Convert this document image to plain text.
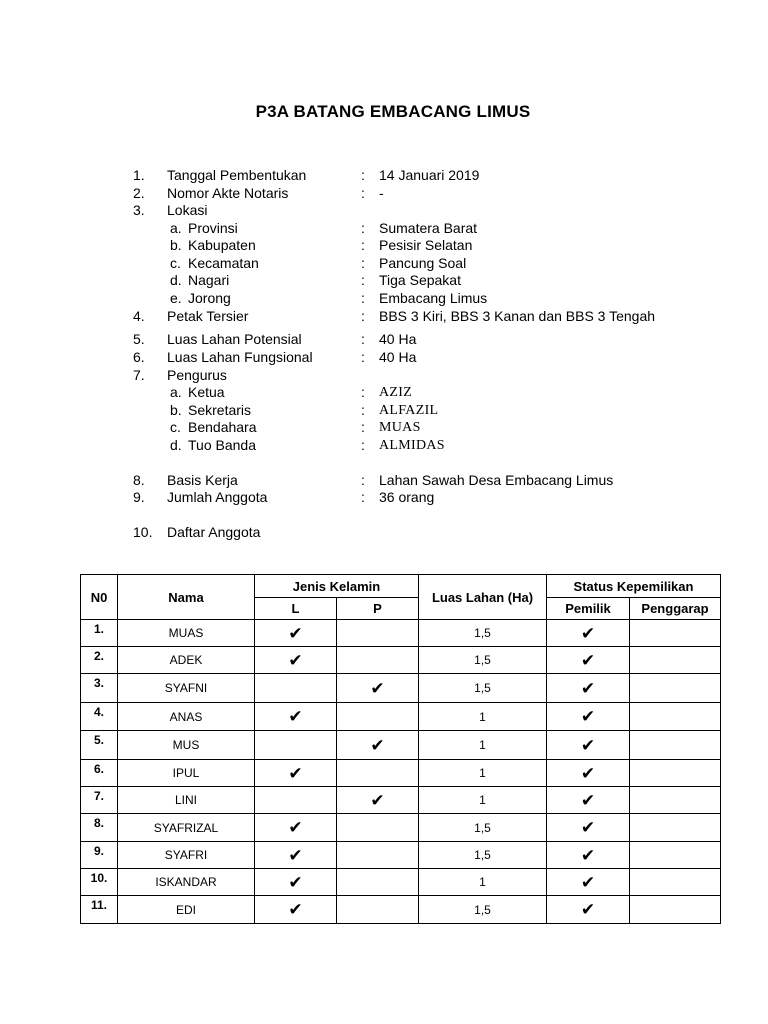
P3A BATANG EMBACANG LIMUS
1. Tanggal Pembentukan	: 14 Januari 2019
2. Nomor Akte Notaris	: -
3. Lokasi
a. Provinsi	: Sumatera Barat
b. Kabupaten	: Pesisir Selatan
c. Kecamatan	: Pancung Soal
d. Nagari	: Tiga Sepakat
e. Jorong	: Embacang Limus
4. Petak Tersier	: BBS 3 Kiri, BBS 3 Kanan dan BBS 3 Tengah
5. Luas Lahan Potensial	: 40 Ha
6. Luas Lahan Fungsional	: 40 Ha
7. Pengurus
a. Ketua	: AZIZ
b. Sekretaris	: ALFAZIL
c. Bendahara	: MUAS
d. Tuo Banda	: ALMIDAS
8. Basis Kerja	: Lahan Sawah Desa Embacang Limus
9. Jumlah Anggota	: 36 orang
10. Daftar Anggota
N0	Nama	Jenis Kelamin		Luas Lahan (Ha)	Status Kepemilikan	
		L	P		Pemilik	Penggarap
1.	MUAS	✔		1,5	✔	
2.	ADEK	✔		1,5	✔	
3.	SYAFNI		✔	1,5	✔	
4.	ANAS	✔		1	✔	
5.	MUS		✔	1	✔	
6.	IPUL	✔		1	✔	
7.	LINI		✔	1	✔	
8.	SYAFRIZAL	✔		1,5	✔	
9.	SYAFRI	✔		1,5	✔	
10.	ISKANDAR	✔		1	✔	
11.	EDI	✔		1,5	✔	
